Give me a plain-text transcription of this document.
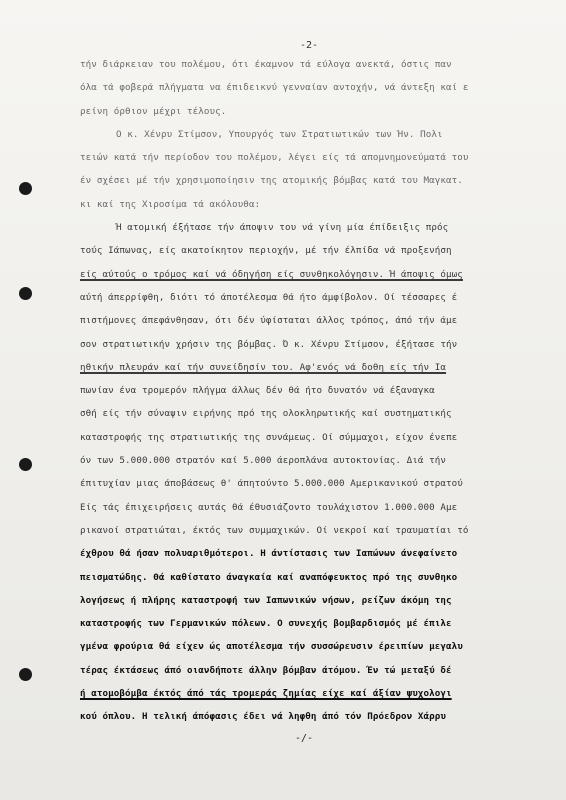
-2-
τήν διάρκειαν του πολέμου, ότι έκαμνον τά εύλογα ανεκτά, όστις παν
όλα τά φοβερά πλήγματα να έπιδεικνύ γενναίαν αντοχήν, νά άντεξη καί ε
ρείνη όρθιον μέχρι τέλους.
Ο κ. Χένρυ Στίμσον, Υπουργός των Στρατιωτικών των Ήν. Πολι
τειών κατά τήν περίοδον του πολέμου, λέγει είς τά απομνημονεύματά του
έν σχέσει μέ τήν χρησιμοποίησιν της ατομικής βόμβας κατά του Μαγκατ.
κι καί της Χιροσίμα τά ακόλουθα:
Ή ατομική έξήτασε τήν άποψιν του νά γίνη μία έπίδειξις πρός
τούς Ιάπωνας, είς ακατοίκητον περιοχήν, μέ τήν έλπίδα νά προξενήση
είς αύτούς ο τρόμος καί νά όδηγήση είς συνθηκολόγησιν. Ή άποψις όμως
αύτή άπερρίφθη, διότι τό άποτέλεσμα θά ήτο άμφίβολον. Οί τέσσαρες έ
πιστήμονες άπεφάνθησαν, ότι δέν ύφίσταται άλλος τρόπος, άπό τήν άμε
σον στρατιωτικήν χρήσιν της βόμβας. Ό κ. Χένρυ Στίμσον, έξήτασε τήν
ηθικήν πλευράν καί τήν συνείδησίν του. Αφ'ενός νά δοθη είς τήν Ια
πωνίαν ένα τρομερόν πλήγμα άλλως δέν θά ήτο δυνατόν νά έξαναγκα
σθή είς τήν σύναψιν ειρήνης πρό της ολοκληρωτικής καί συστηματικής
καταστροφής της στρατιωτικής της συνάμεως. Οί σύμμαχοι, είχον ένεπε
όν των 5.000.000 στρατόν καί 5.000 άεροπλάνα αυτοκτονίας. Διά τήν
έπιτυχίαν μιας άποβάσεως θ' άπητούντο 5.000.000 Αμερικανικού στρατού
Είς τάς έπιχειρήσεις αυτάς θά έθυσιάζοντο τουλάχιστον 1.000.000 Αμε
ρικανοί στρατιώται, έκτός των συμμαχικών. Οί νεκροί καί τραυματίαι τό
έχθρου θά ήσαν πολυαριθμότεροι. Η άντίστασις των Ιαπώνων άνεφαίνετο
πεισματώδης. Θά καθίστατο άναγκαία καί αναπόφευκτος πρό της συνθηκο
λογήσεως ή πλήρης καταστροφή των Ιαπωνικών νήσων, ρείζων άκόμη της
καταστροφής των Γερμανικών πόλεων. Ο συνεχής βομβαρδισμός μέ έπιλε
γμένα φρούρια θά είχεν ώς αποτέλεσμα τήν συσσώρευσιν έρειπίων μεγαλυ
τέρας έκτάσεως άπό οιανδήποτε άλλην βόμβαν άτόμου. Έν τώ μεταξύ δέ
ή ατομοβόμβα έκτός άπό τάς τρομεράς ζημίας είχε καί άξίαν ψυχολογι
κού όπλου. Η τελική άπόφασις έδει νά ληφθη άπό τόν Πρόεδρον Χάρρυ
-/-
